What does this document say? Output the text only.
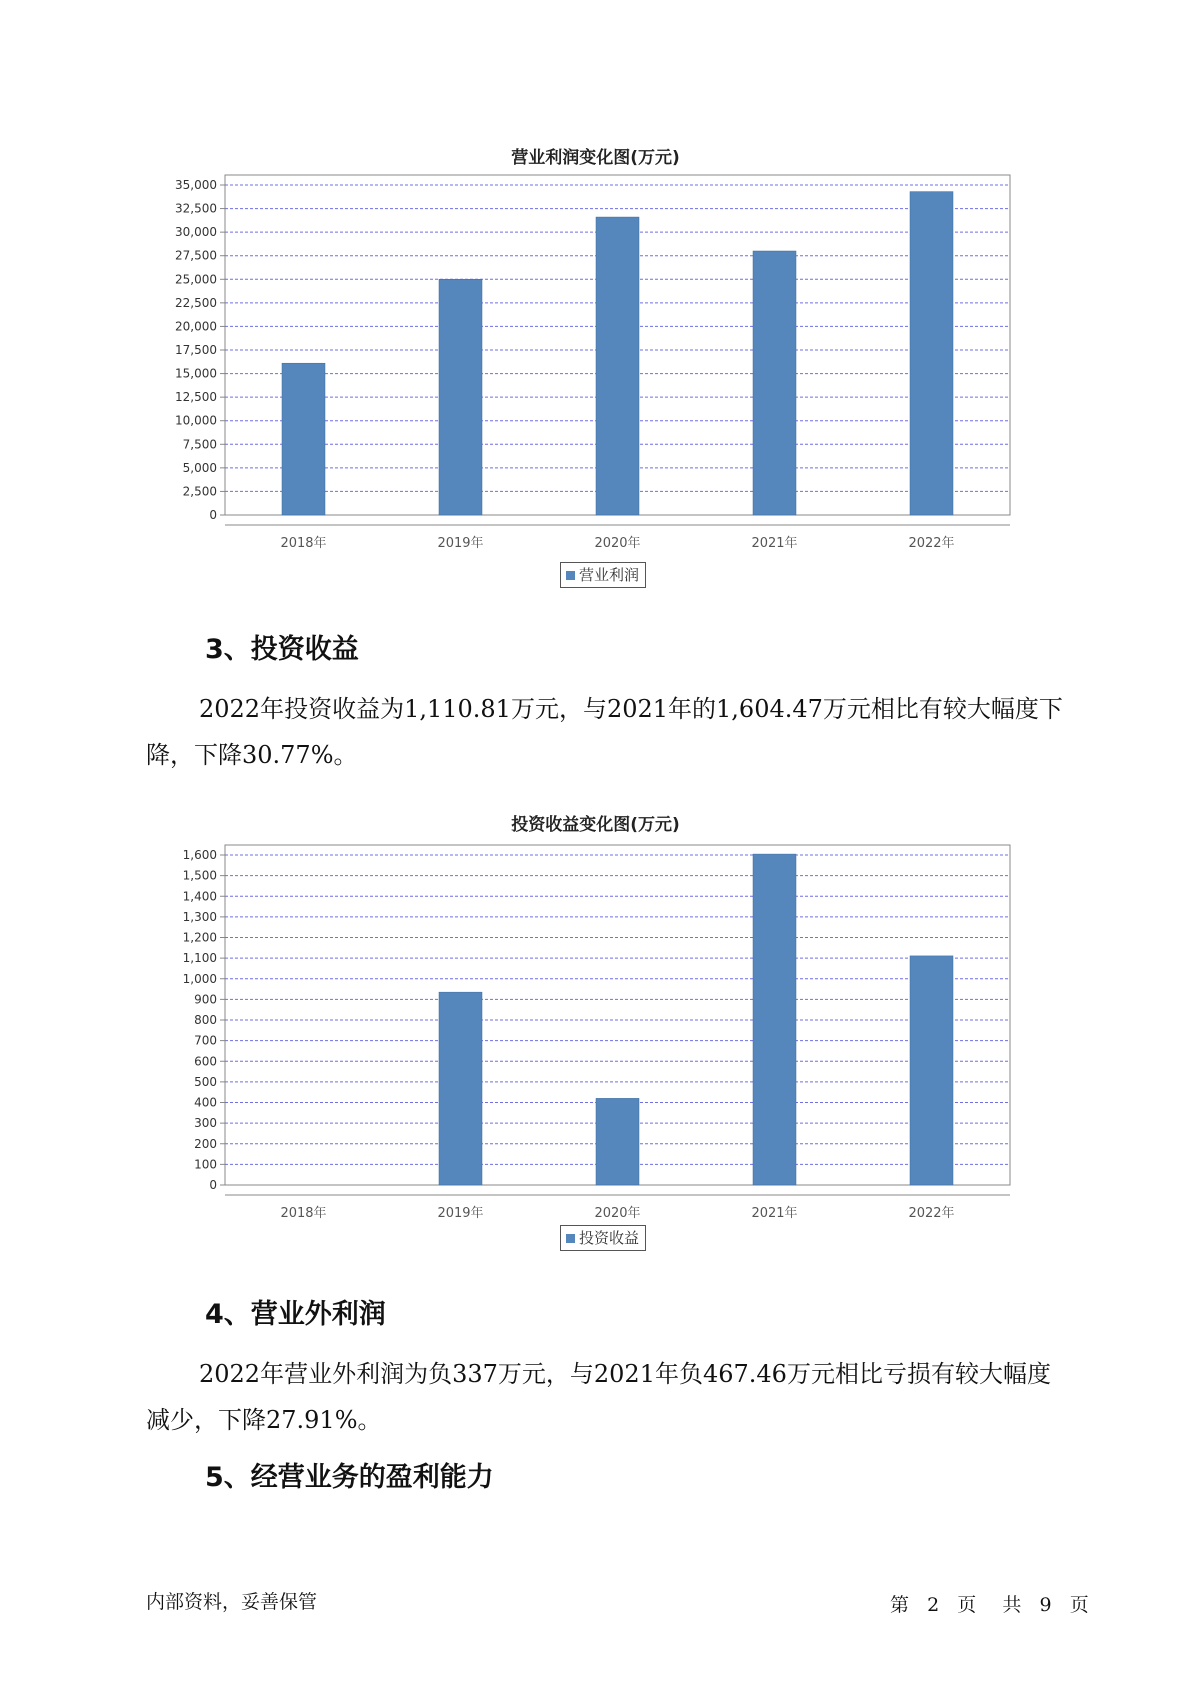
营业利润变化图(万元)
0
2,500
5,000
7,500
10,000
12,500
15,000
17,500
20,000
22,500
25,000
27,500
30,000
32,500
35,000
2018年	2019年	2020年	2021年	2022年
营业利润
3、投资收益
2022年投资收益为1,110.81万元，与2021年的1,604.47万元相比有较大幅度下降，下降30.77%。
投资收益变化图(万元)
0
100
200
300
400
500
600
700
800
900
1,000
1,100
1,200
1,300
1,400
1,500
1,600
2018年	2019年	2020年	2021年	2022年
投资收益
4、营业外利润
2022年营业外利润为负337万元，与2021年负467.46万元相比亏损有较大幅度减少，下降27.91%。
5、经营业务的盈利能力
内部资料，妥善保管	第 2 页 共 9 页
